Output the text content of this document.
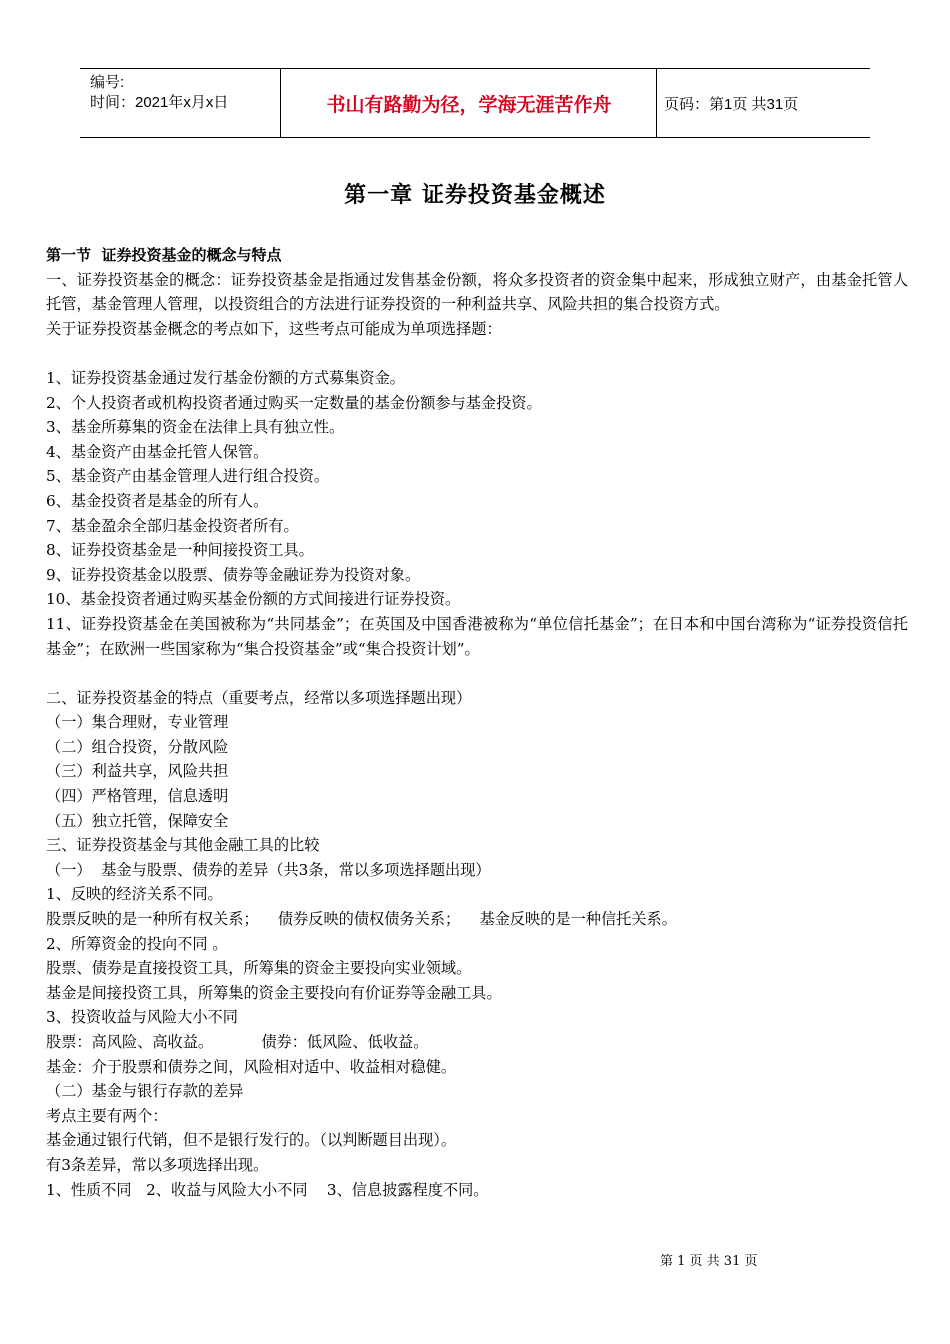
编号:
时间：2021年x月x日	书山有路勤为径，学海无涯苦作舟	页码：第1页 共31页
第一章 证券投资基金概述

第一节  证券投资基金的概念与特点

一、证券投资基金的概念：证券投资基金是指通过发售基金份额，将众多投资者的资金集中起来，形成独立财产，由基金托管人托管，基金管理人管理，以投资组合的方法进行证券投资的一种利益共享、风险共担的集合投资方式。

关于证券投资基金概念的考点如下，这些考点可能成为单项选择题：

1、证券投资基金通过发行基金份额的方式募集资金。

2、个人投资者或机构投资者通过购买一定数量的基金份额参与基金投资。

3、基金所募集的资金在法律上具有独立性。

4、基金资产由基金托管人保管。

5、基金资产由基金管理人进行组合投资。

6、基金投资者是基金的所有人。

7、基金盈余全部归基金投资者所有。

8、证券投资基金是一种间接投资工具。

9、证券投资基金以股票、债券等金融证券为投资对象。

10、基金投资者通过购买基金份额的方式间接进行证券投资。

11、证券投资基金在美国被称为“共同基金”；在英国及中国香港被称为“单位信托基金”；在日本和中国台湾称为“证券投资信托基金”；在欧洲一些国家称为“集合投资基金”或“集合投资计划”。

二、证券投资基金的特点（重要考点，经常以多项选择题出现）

（一）集合理财，专业管理

（二）组合投资，分散风险

（三）利益共享，风险共担

（四）严格管理，信息透明

（五）独立托管，保障安全

三、证券投资基金与其他金融工具的比较

（一）  基金与股票、债券的差异（共3条，常以多项选择题出现）

1、反映的经济关系不同。

股票反映的是一种所有权关系；    债券反映的债权债务关系；    基金反映的是一种信托关系。

2、所筹资金的投向不同 。

股票、债券是直接投资工具，所筹集的资金主要投向实业领域。

基金是间接投资工具，所筹集的资金主要投向有价证券等金融工具。

3、投资收益与风险大小不同

股票：高风险、高收益。          债券：低风险、低收益。

基金：介于股票和债券之间，风险相对适中、收益相对稳健。

（二）基金与银行存款的差异

考点主要有两个：

基金通过银行代销，但不是银行发行的。（以判断题目出现）。

有3条差异，常以多项选择出现。

1、性质不同   2、收益与风险大小不同    3、信息披露程度不同。

第 1 页 共 31 页
